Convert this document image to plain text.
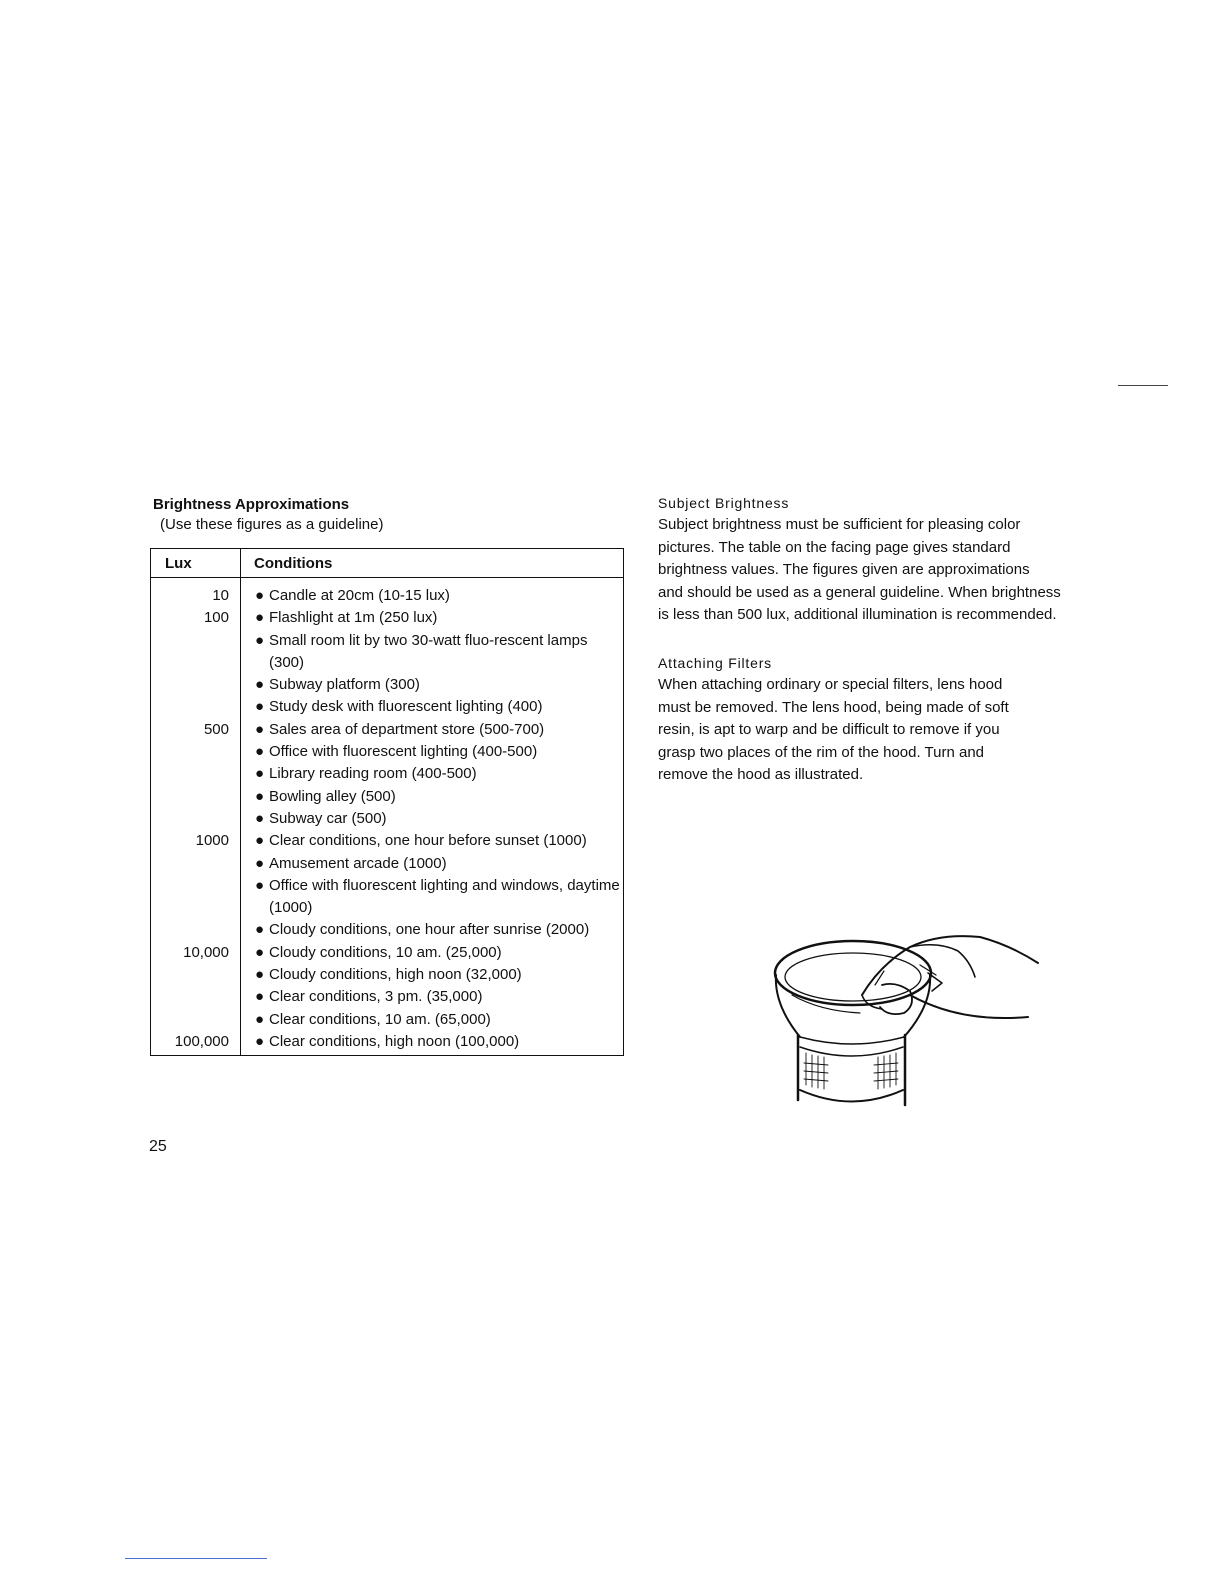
Brightness Approximations
(Use these figures as a guideline)
Lux	Conditions
10	● Candle at 20cm (10-15 lux)

100	● Flashlight at 1m (250 lux)
● Small room lit by two 30-watt fluo-rescent lamps (300)
● Subway platform (300)
● Study desk with fluorescent lighting (400)

500	● Sales area of department store (500-700)
● Office with fluorescent lighting (400-500)
● Library reading room (400-500)
● Bowling alley (500)
● Subway car (500)

1000	● Clear conditions, one hour before sunset (1000)
● Amusement arcade (1000)
● Office with fluorescent lighting and windows, daytime (1000)
● Cloudy conditions, one hour after sunrise (2000)

10,000	● Cloudy conditions, 10 am. (25,000)
● Cloudy conditions, high noon (32,000)
● Clear conditions, 3 pm. (35,000)
● Clear conditions, 10 am. (65,000)

100,000	● Clear conditions, high noon (100,000)
Subject Brightness
Subject brightness must be sufficient for pleasing color
pictures. The table on the facing page gives standard
brightness values. The figures given are approximations
and should be used as a general guideline. When brightness
is less than 500 lux, additional illumination is recommended.
Attaching Filters
When attaching ordinary or special filters, lens hood
must be removed. The lens hood, being made of soft
resin, is apt to warp and be difficult to remove if you
grasp two places of the rim of the hood. Turn and
remove the hood as illustrated.
25
